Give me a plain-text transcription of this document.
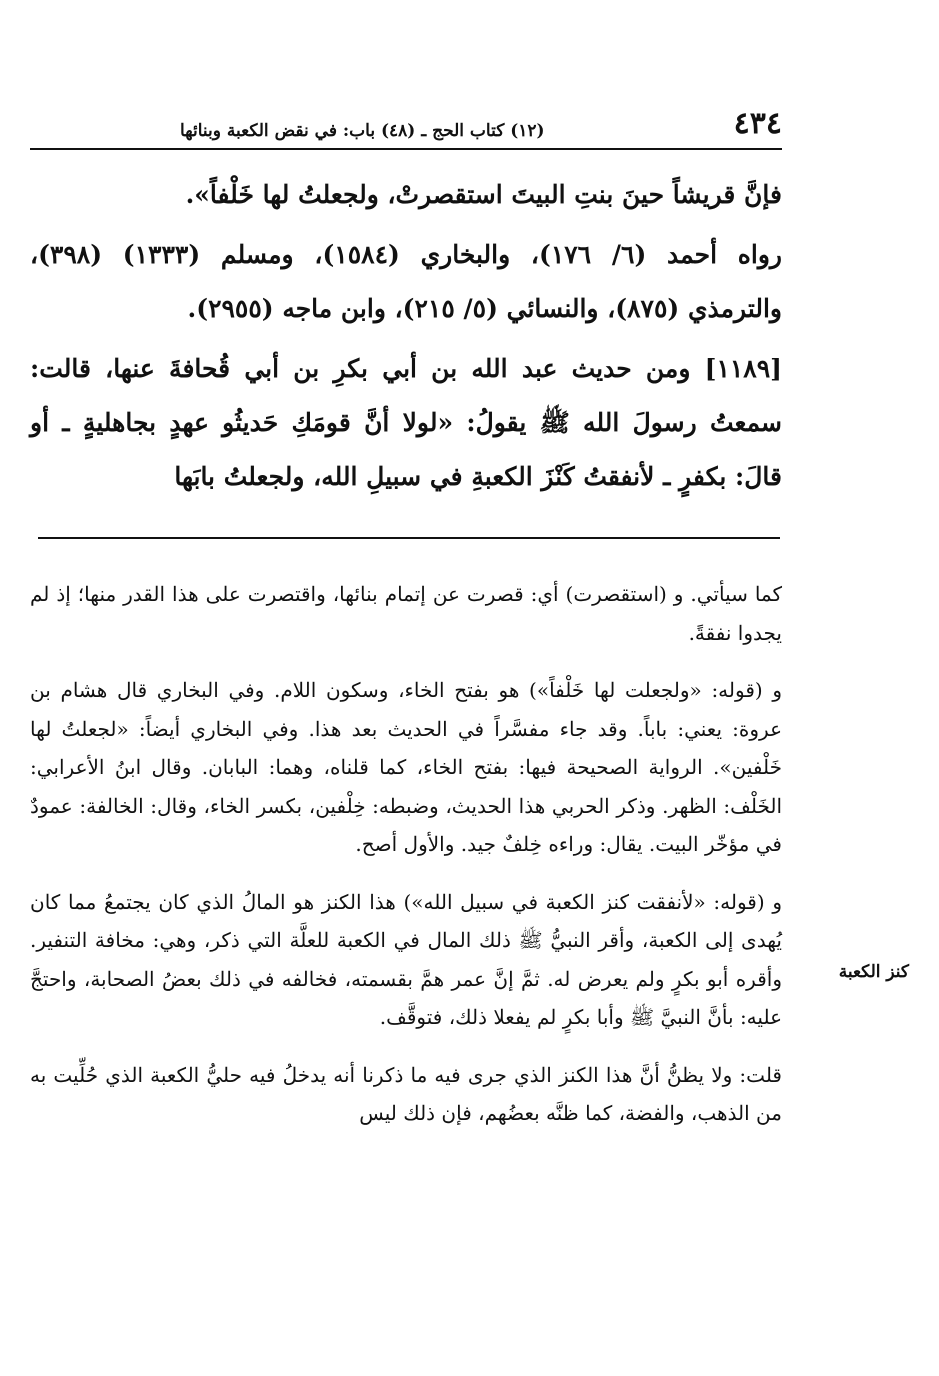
٤٣٤
(١٢) كتاب الحج ـ (٤٨) باب: في نقض الكعبة وبنائها

فإنَّ قريشاً حينَ بنتِ البيتَ استقصرتْ، ولجعلتُ لها خَلْفاً».

رواه أحمد (٦/ ١٧٦)، والبخاري (١٥٨٤)، ومسلم (١٣٣٣) (٣٩٨)، والترمذي (٨٧٥)، والنسائي (٥/ ٢١٥)، وابن ماجه (٢٩٥٥).

[١١٨٩] ومن حديث عبد الله بن أبي بكرِ بن أبي قُحافةَ عنها، قالت: سمعتُ رسولَ الله ﷺ يقولُ: «لولا أنَّ قومَكِ حَديثُو عهدٍ بجاهليةٍ ـ أو قالَ: بكفرٍ ـ لأنفقتُ كَنْزَ الكعبةِ في سبيلِ الله، ولجعلتُ بابَها

كما سيأتي. و (استقصرت) أي: قصرت عن إتمام بنائها، واقتصرت على هذا القدر منها؛ إذ لم يجدوا نفقةً.

و (قوله: «ولجعلت لها خَلْفاً») هو بفتح الخاء، وسكون اللام. وفي البخاري قال هشام بن عروة: يعني: باباً. وقد جاء مفسَّراً في الحديث بعد هذا. وفي البخاري أيضاً: «لجعلتُ لها خَلْفين». الرواية الصحيحة فيها: بفتح الخاء، كما قلناه، وهما: البابان. وقال ابنُ الأعرابي: الخَلْف: الظهر. وذكر الحربي هذا الحديث، وضبطه: خِلْفين، بكسر الخاء، وقال: الخالفة: عمودٌ في مؤخّر البيت. يقال: وراءه خِلفٌ جيد. والأول أصح.

و (قوله: «لأنفقت كنز الكعبة في سبيل الله») هذا الكنز هو المالُ الذي كان يجتمعُ مما كان يُهدى إلى الكعبة، وأقر النبيُّ ﷺ ذلك المال في الكعبة للعلَّة التي ذكر، وهي: مخافة التنفير. وأقره أبو بكرٍ ولم يعرض له. ثمَّ إنَّ عمر همَّ بقسمته، فخالفه في ذلك بعضُ الصحابة، واحتجَّ عليه: بأنَّ النبيَّ ﷺ وأبا بكرٍ لم يفعلا ذلك، فتوقَّف.

قلت: ولا يظنُّ أنَّ هذا الكنز الذي جرى فيه ما ذكرنا أنه يدخلُ فيه حليُّ الكعبة الذي حُلِّيت به من الذهب، والفضة، كما ظنَّه بعضُهم، فإن ذلك ليس

كنز الكعبة
